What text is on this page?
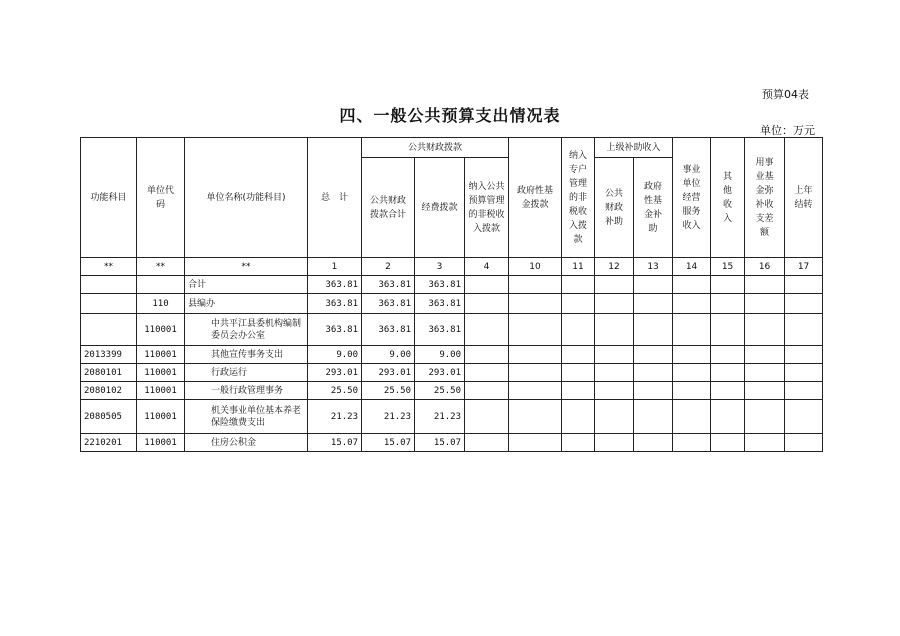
预算04表
四、一般公共预算支出情况表
单位：万元
功能科目	单位代码	单位名称(功能科目)	总　计	公共财政拨款			政府性基金拨款	纳入专户管理的非税收入拨款	上级补助收入		事业单位经营服务收入	其他收入	用事业基金弥补收支差额	上年结转
				公共财政拨款合计	经费拨款	纳入公共预算管理的非税收入拨款			公共财政补助	政府性基金补助				
**	**	**	1	2	3	4	10	11	12	13	14	15	16	17
		合计	363.81	363.81	363.81									
	110	县编办	363.81	363.81	363.81									
	110001	中共平江县委机构编制委员会办公室	363.81	363.81	363.81									
2013399	110001	其他宣传事务支出	9.00	9.00	9.00									
2080101	110001	行政运行	293.01	293.01	293.01									
2080102	110001	一般行政管理事务	25.50	25.50	25.50									
2080505	110001	机关事业单位基本养老保险缴费支出	21.23	21.23	21.23									
2210201	110001	住房公积金	15.07	15.07	15.07									
